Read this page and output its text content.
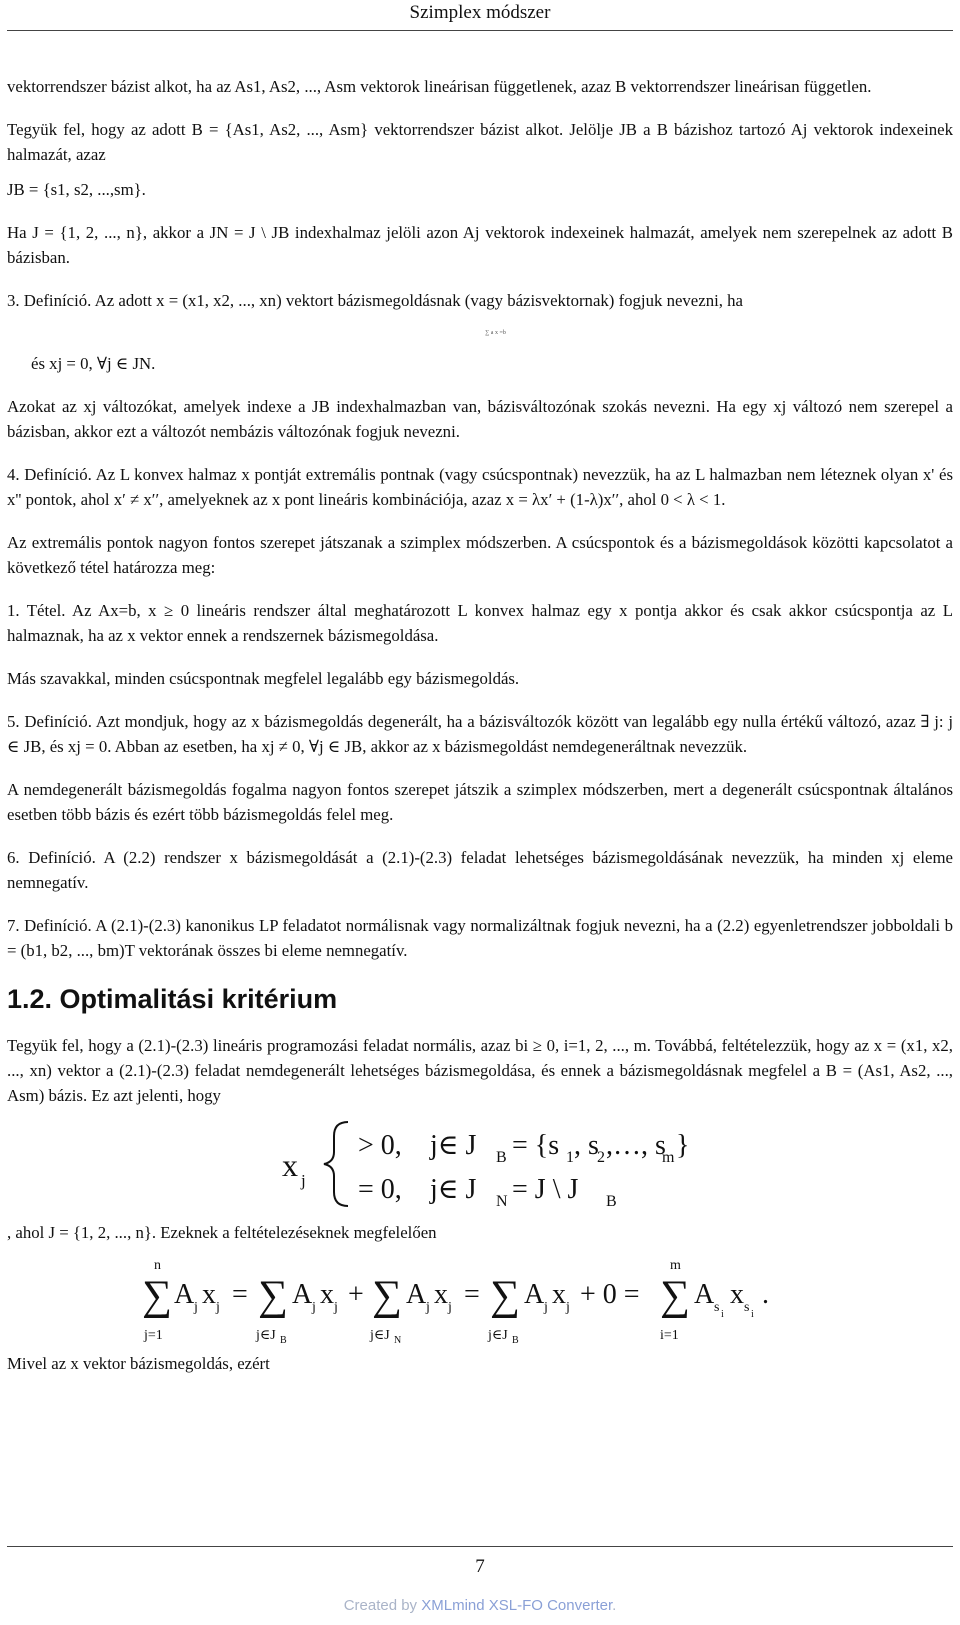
Szimplex módszer

vektorrendszer bázist alkot, ha az As1, As2, ..., Asm vektorok lineárisan függetlenek, azaz B vektorrendszer lineárisan független.

Tegyük fel, hogy az adott B = {As1, As2, ..., Asm} vektorrendszer bázist alkot. Jelölje JB a B bázishoz tartozó Aj vektorok indexeinek halmazát, azaz

JB = {s1, s2, ...,sm}.

Ha J = {1, 2, ..., n}, akkor a JN = J \ JB indexhalmaz jelöli azon Aj vektorok indexeinek halmazát, amelyek nem szerepelnek az adott B bázisban.

3. Definíció. Az adott x = (x1, x2, ..., xn) vektort bázismegoldásnak (vagy bázisvektornak) fogjuk nevezni, ha

∑ a x =b

és xj = 0, ∀j ∈ JN.

Azokat az xj változókat, amelyek indexe a JB indexhalmazban van, bázisváltozónak szokás nevezni. Ha egy xj változó nem szerepel a bázisban, akkor ezt a változót nembázis változónak fogjuk nevezni.

4. Definíció. Az L konvex halmaz x pontját extremális pontnak (vagy csúcspontnak) nevezzük, ha az L halmazban nem léteznek olyan x' és x'' pontok, ahol x′ ≠ x′′, amelyeknek az x pont lineáris kombinációja, azaz x = λx′ + (1-λ)x′′, ahol 0 < λ < 1.

Az extremális pontok nagyon fontos szerepet játszanak a szimplex módszerben. A csúcspontok és a bázismegoldások közötti kapcsolatot a következő tétel határozza meg:

1. Tétel. Az Ax=b, x ≥ 0 lineáris rendszer által meghatározott L konvex halmaz egy x pontja akkor és csak akkor csúcspontja az L halmaznak, ha az x vektor ennek a rendszernek bázismegoldása.

Más szavakkal, minden csúcspontnak megfelel legalább egy bázismegoldás.

5. Definíció. Azt mondjuk, hogy az x bázismegoldás degenerált, ha a bázisváltozók között van legalább egy nulla értékű változó, azaz ∃ j: j ∈ JB, és xj = 0. Abban az esetben, ha xj ≠ 0, ∀j ∈ JB, akkor az x bázismegoldást nemdegeneráltnak nevezzük.

A nemdegenerált bázismegoldás fogalma nagyon fontos szerepet játszik a szimplex módszerben, mert a degenerált csúcspontnak általános esetben több bázis és ezért több bázismegoldás felel meg.

6. Definíció. A (2.2) rendszer x bázismegoldását a (2.1)-(2.3) feladat lehetséges bázismegoldásának nevezzük, ha minden xj eleme nemnegatív.

7. Definíció. A (2.1)-(2.3) kanonikus LP feladatot normálisnak vagy normalizáltnak fogjuk nevezni, ha a (2.2) egyenletrendszer jobboldali b = (b1, b2, ..., bm)T vektorának összes bi eleme nemnegatív.

1.2. Optimalitási kritérium

Tegyük fel, hogy a (2.1)-(2.3) lineáris programozási feladat normális, azaz bi ≥ 0, i=1, 2, ..., m. Továbbá, feltételezzük, hogy az x = (x1, x2, ..., xn) vektor a (2.1)-(2.3) feladat nemdegenerált lehetséges bázismegoldása, és ennek a bázismegoldásnak megfelel a B = (As1, As2, ..., Asm) bázis. Ez azt jelenti, hogy

x j
> 0, j∈ J B = {s 1 , s
2 ,…, s
m }
= 0, j∈ J N = J \ J B

, ahol J = {1, 2, ..., n}. Ezeknek a feltételezéseknek megfelelően

n
∑
j=1
A j x j = ∑
j∈J B
A j x j + ∑
j∈J N
A j x j = ∑
j∈J B
A j x j + 0 =
m
∑
i=1
A s i
x s i
.

Mivel az x vektor bázismegoldás, ezért

7
Created by XMLmind XSL-FO Converter.
